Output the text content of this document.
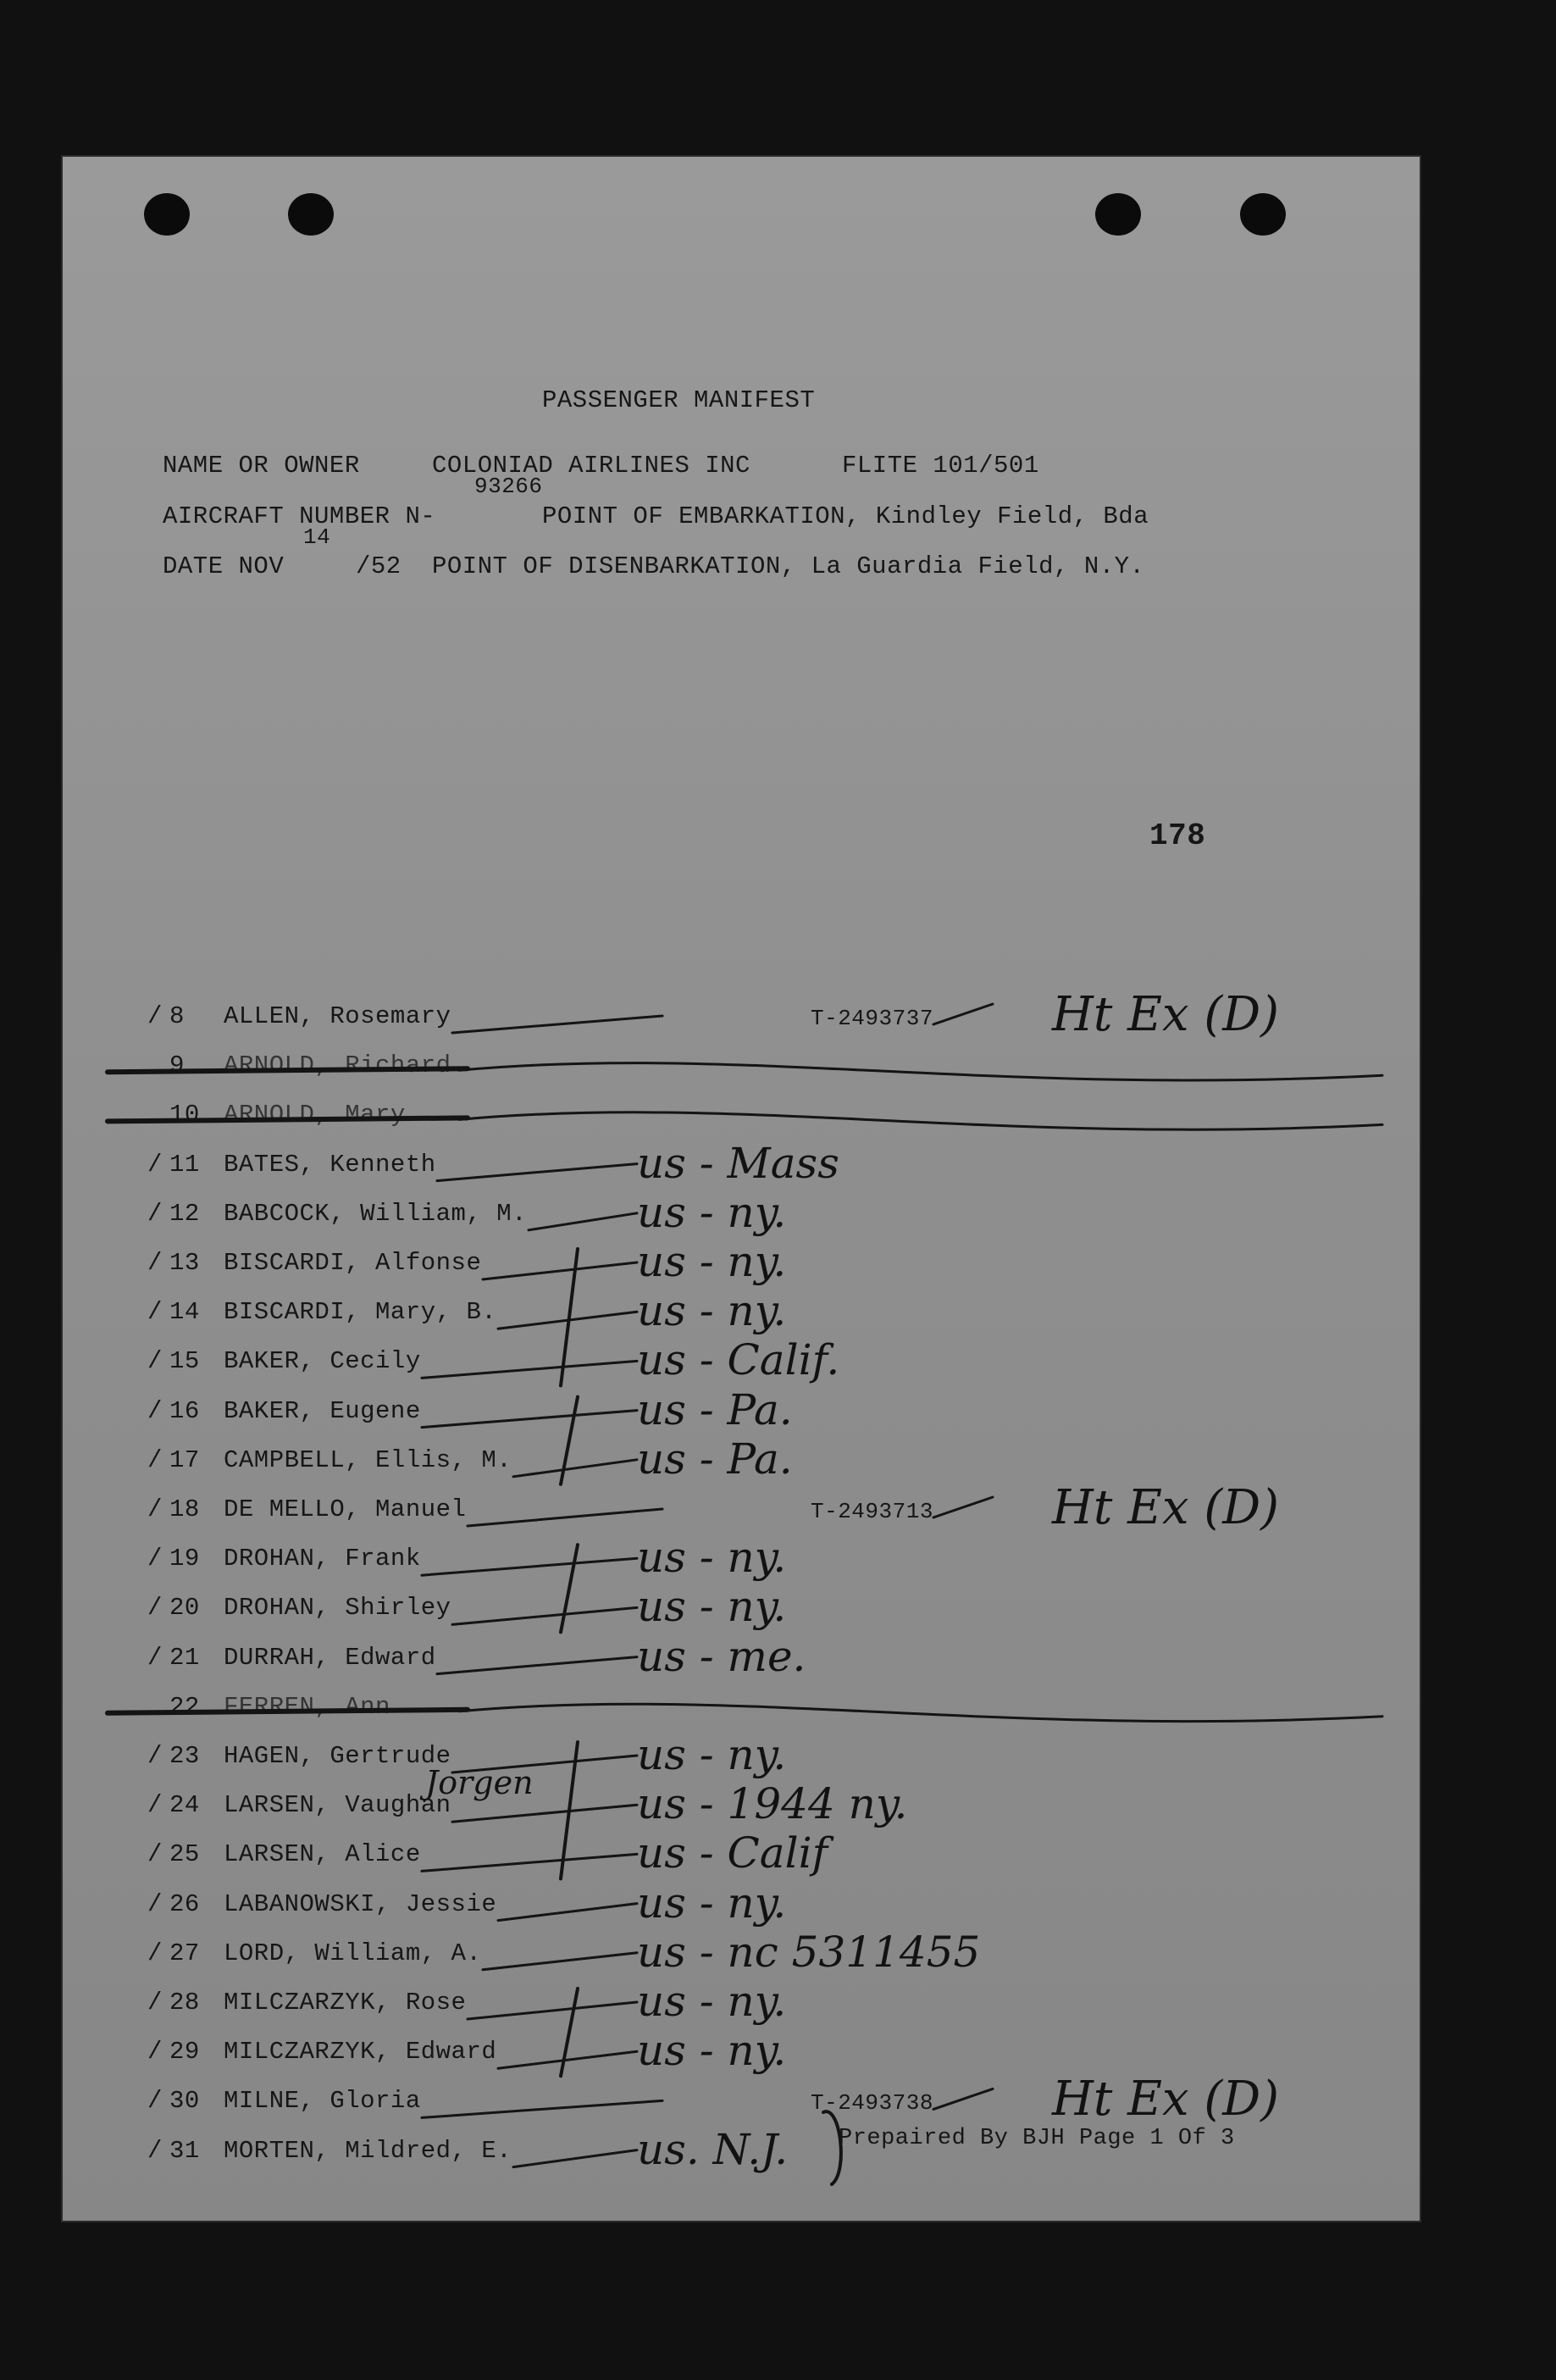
PASSENGER MANIFEST
NAME OR OWNER	COLONIAD AIRLINES INC	FLITE 101/501
93266
AIRCRAFT NUMBER N-	POINT OF EMBARKATION, Kindley Field, Bda
14
DATE NOV	/52 POINT OF DISENBARKATION, La Guardia Field, N.Y.
178
/ 8	ALLEN, Rosemary	T-2493737	Ht Ex (D)
9	ARNOLD, Richard
10 ARNOLD, Mary
/ 11 BATES, Kenneth	us - Mass
/ 12 BABCOCK, William, M.	us - ny.
/ 13 BISCARDI, Alfonse	us - ny.
/ 14 BISCARDI, Mary, B.	us - ny.
/ 15 BAKER, Cecily	us - Calif.
/ 16 BAKER, Eugene	us - Pa.
/ 17 CAMPBELL, Ellis, M.	us - Pa.
/ 18 DE MELLO, Manuel	T-2493713	Ht Ex (D)
/ 19 DROHAN, Frank	us - ny.
/ 20 DROHAN, Shirley	us - ny.
/ 21 DURRAH, Edward	us - me.
22 FERREN, Ann
/ 23 HAGEN, Gertrude	us - ny.
/ 24 LARSEN, Vaughan	us - 1944 ny.
Jorgen
/ 25 LARSEN, Alice	us - Calif
/ 26 LABANOWSKI, Jessie	us - ny.
/ 27 LORD, William, A.	us - nc 5311455
/ 28 MILCZARZYK, Rose	us - ny.
/ 29 MILCZARZYK, Edward	us - ny.
/ 30 MILNE, Gloria	T-2493738	Ht Ex (D)
/ 31 MORTEN, Mildred, E.	us. N.J. Prepaired By BJH Page 1 Of 3
